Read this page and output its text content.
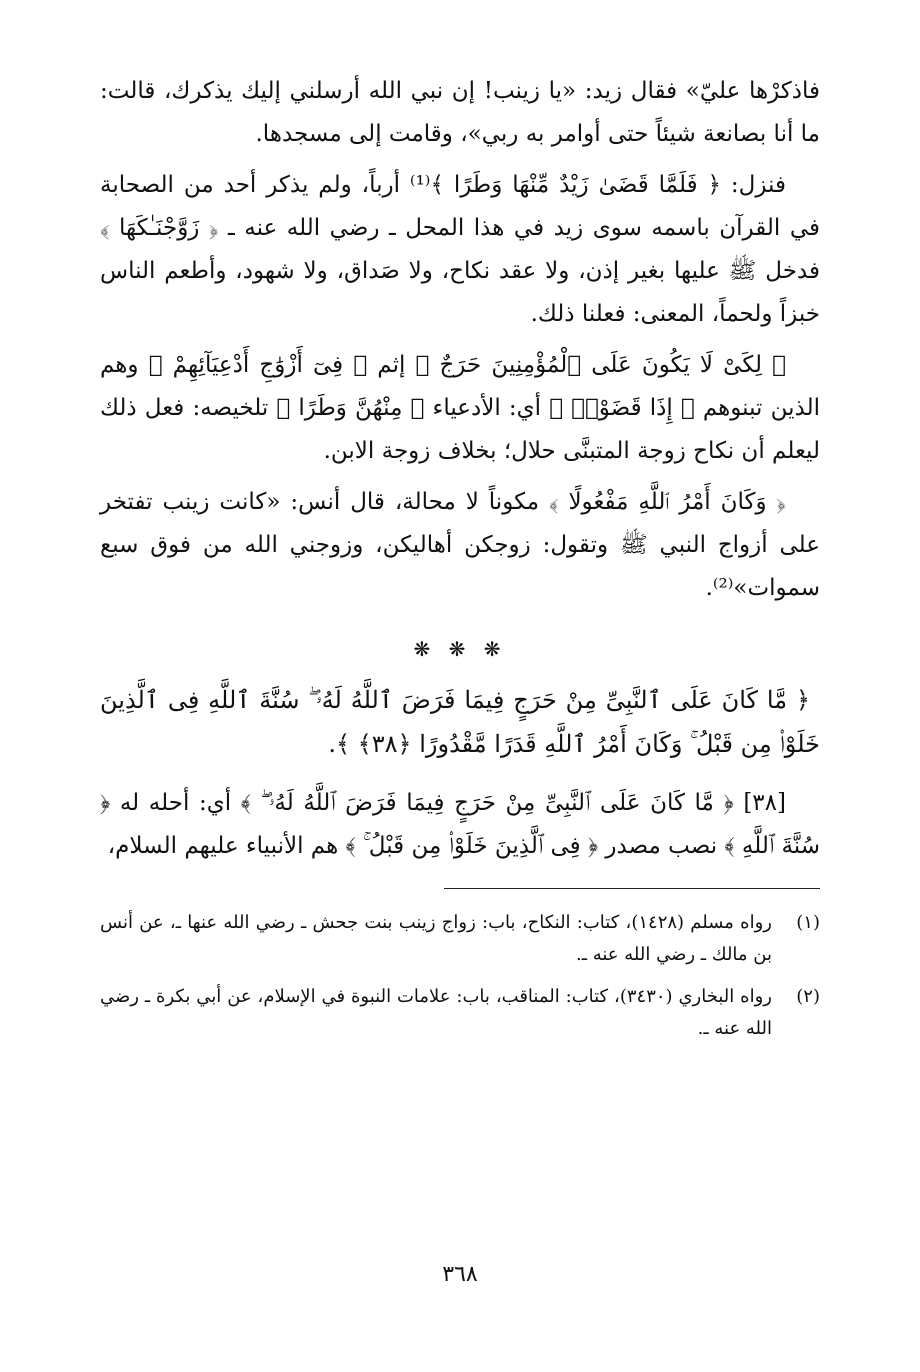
فاذكرْها عليّ» فقال زيد: «يا زينب! إن نبي الله أرسلني إليك يذكرك، قالت: ما أنا بصانعة شيئاً حتى أوامر به ربي»، وقامت إلى مسجدها.

فنزل: ﴿ فَلَمَّا قَضَىٰ زَيْدٌ مِّنْهَا وَطَرًا ﴾⁽¹⁾ أرباً، ولم يذكر أحد من الصحابة في القرآن باسمه سوى زيد في هذا المحل ـ رضي الله عنه ـ ﴿ زَوَّجْنَـٰكَهَا ﴾ فدخل ﷺ عليها بغير إذن، ولا عقد نكاح، ولا صَداق، ولا شهود، وأطعم الناس خبزاً ولحماً، المعنى: فعلنا ذلك.

﴿ لِكَىْ لَا يَكُونَ عَلَى ٱلْمُؤْمِنِينَ حَرَجٌ ﴾ إثم ﴿ فِىٓ أَزْوَٰجِ أَدْعِيَآئِهِمْ ﴾ وهم الذين تبنوهم ﴿ إِذَا قَضَوْا۟ ﴾ أي: الأدعياء ﴿ مِنْهُنَّ وَطَرًا ﴾ تلخيصه: فعل ذلك ليعلم أن نكاح زوجة المتبنَّى حلال؛ بخلاف زوجة الابن.

﴿ وَكَانَ أَمْرُ ٱللَّهِ مَفْعُولًا ﴾ مكوناً لا محالة، قال أنس: «كانت زينب تفتخر على أزواج النبي ﷺ وتقول: زوجكن أهاليكن، وزوجني الله من فوق سبع سموات»⁽²⁾.

❋ ❋ ❋

﴿ مَّا كَانَ عَلَى ٱلنَّبِىِّ مِنْ حَرَجٍ فِيمَا فَرَضَ ٱللَّهُ لَهُۥ ۖ سُنَّةَ ٱللَّهِ فِى ٱلَّذِينَ خَلَوْا۟ مِن قَبْلُ ۚ وَكَانَ أَمْرُ ٱللَّهِ قَدَرًا مَّقْدُورًا ﴿٣٨﴾ ﴾.

[٣٨] ﴿ مَّا كَانَ عَلَى ٱلنَّبِىِّ مِنْ حَرَجٍ فِيمَا فَرَضَ ٱللَّهُ لَهُۥ ۖ ﴾ أي: أحله له ﴿ سُنَّةَ ٱللَّهِ ﴾ نصب مصدر ﴿ فِى ٱلَّذِينَ خَلَوْا۟ مِن قَبْلُ ۚ ﴾ هم الأنبياء عليهم السلام،

(١)
رواه مسلم (١٤٢٨)، كتاب: النكاح، باب: زواج زينب بنت جحش ـ رضي الله عنها ـ، عن أنس بن مالك ـ رضي الله عنه ـ.
(٢)
رواه البخاري (٣٤٣٠)، كتاب: المناقب، باب: علامات النبوة في الإسلام، عن أبي بكرة ـ رضي الله عنه ـ.
٣٦٨
